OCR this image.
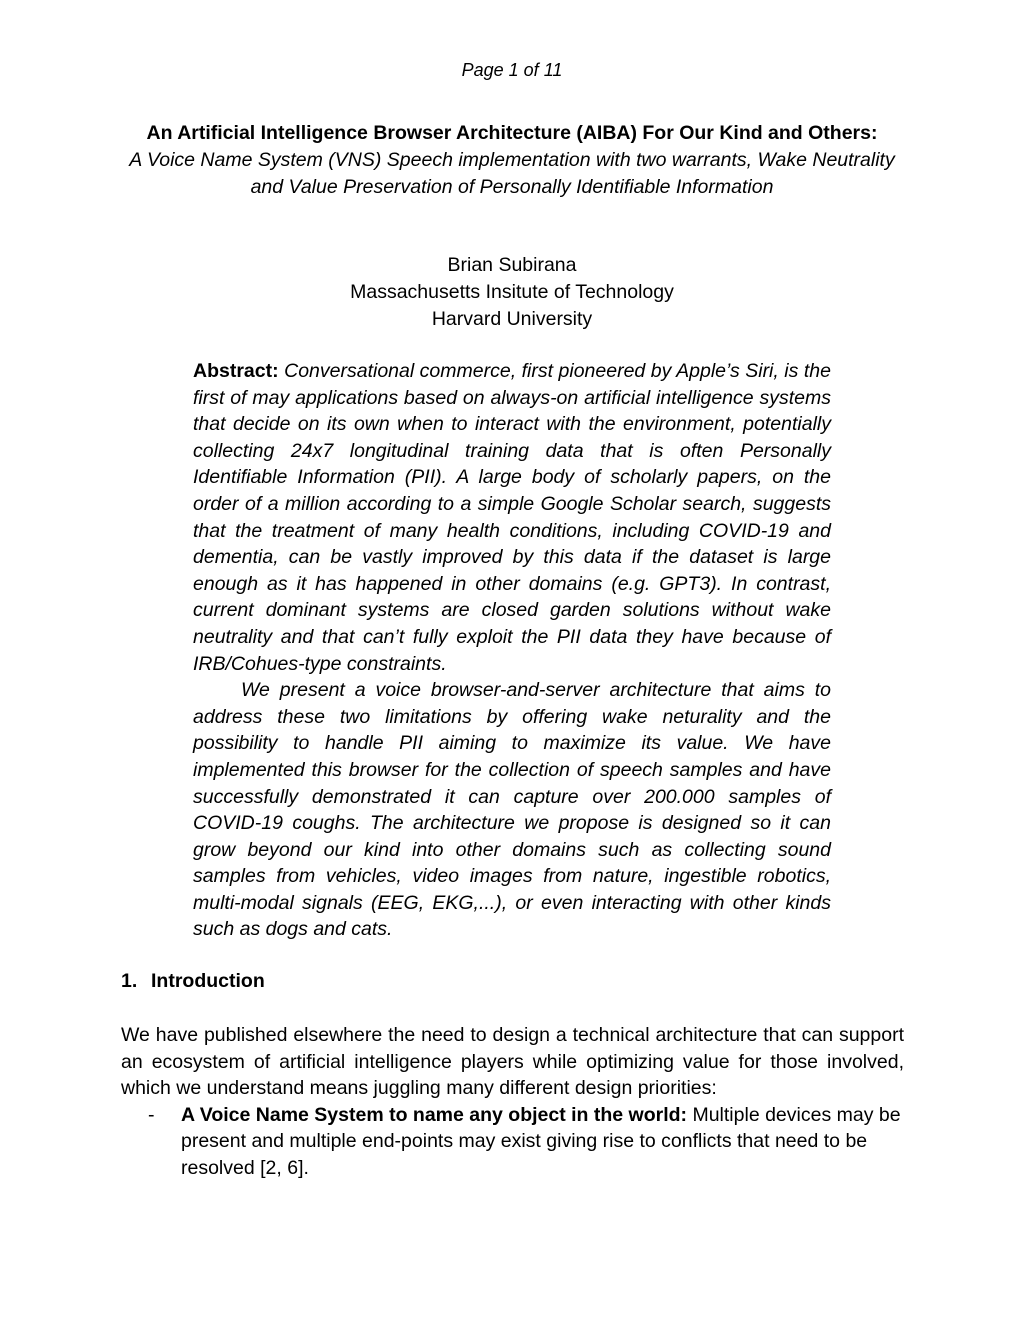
Page 1 of 11
An Artificial Intelligence Browser Architecture (AIBA) For Our Kind and Others:
A Voice Name System (VNS) Speech implementation with two warrants, Wake Neutrality and Value Preservation of Personally Identifiable Information
Brian Subirana
Massachusetts Insitute of Technology
Harvard University

Abstract: Conversational commerce, first pioneered by Apple’s Siri, is the first of may applications based on always-on artificial intelligence systems that decide on its own when to interact with the environment, potentially collecting 24x7 longitudinal training data that is often Personally Identifiable Information (PII). A large body of scholarly papers, on the order of a million according to a simple Google Scholar search, suggests that the treatment of many health conditions, including COVID-19 and dementia, can be vastly improved by this data if the dataset is large enough as it has happened in other domains (e.g. GPT3). In contrast, current dominant systems are closed garden solutions without wake neutrality and that can’t fully exploit the PII data they have because of IRB/Cohues-type constraints.

We present a voice browser-and-server architecture that aims to address these two limitations by offering wake neturality and the possibility to handle PII aiming to maximize its value. We have implemented this browser for the collection of speech samples and have successfully demonstrated it can capture over 200.000 samples of COVID-19 coughs. The architecture we propose is designed so it can grow beyond our kind into other domains such as collecting sound samples from vehicles, video images from nature, ingestible robotics, multi-modal signals (EEG, EKG,...), or even interacting with other kinds such as dogs and cats.

1. Introduction

We have published elsewhere the need to design a technical architecture that can support an ecosystem of artificial intelligence players while optimizing value for those involved, which we understand means juggling many different design priorities:

- A Voice Name System to name any object in the world: Multiple devices may be present and multiple end-points may exist giving rise to conflicts that need to be resolved [2, 6].
